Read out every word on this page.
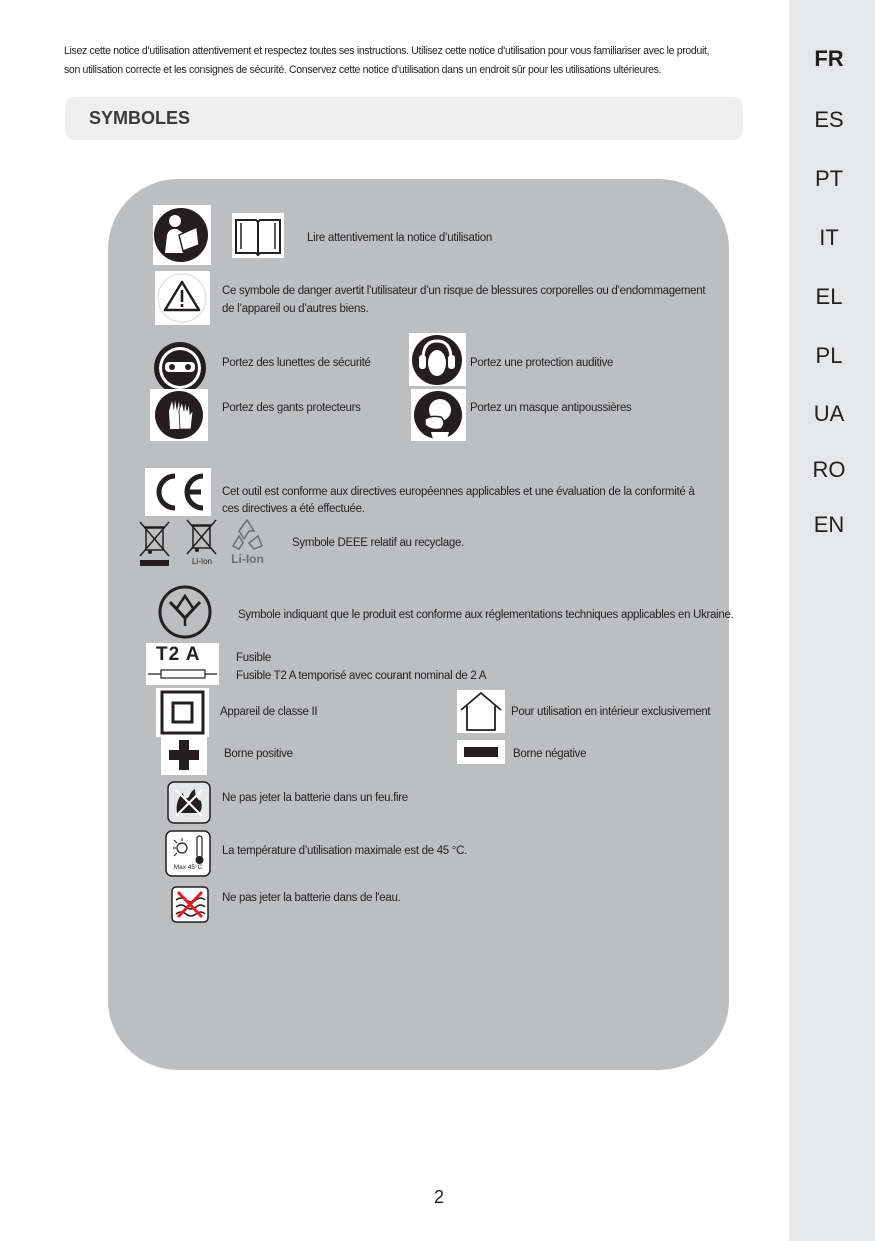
FR
ES
PT
IT
EL
PL
UA
RO
EN
Lisez cette notice d’utilisation attentivement et respectez toutes ses instructions. Utilisez cette notice d’utilisation pour vous familiariser avec le produit,
son utilisation correcte et les consignes de sécurité. Conservez cette notice d’utilisation dans un endroit sûr pour les utilisations ultérieures.
SYMBOLES
Lire attentivement la notice d’utilisation
Ce symbole de danger avertit l’utilisateur d’un risque de blessures corporelles ou d’endommagement
de l’appareil ou d’autres biens.
Portez des lunettes de sécurité	Portez une protection auditive
Portez des gants protecteurs	Portez un masque antipoussières
Cet outil est conforme aux directives européennes applicables et une évaluation de la conformité à
ces directives a été effectuée.
Li-Ion	Li-Ion
Symbole DEEE relatif au recyclage.
Symbole indiquant que le produit est conforme aux réglementations techniques applicables en Ukraine.
T2 A	Fusible
Fusible T2 A temporisé avec courant nominal de 2 A
Appareil de classe II	Pour utilisation en intérieur exclusivement
Borne positive	Borne négative
Ne pas jeter la batterie dans un feu.fire
Max 45°C
La température d’utilisation maximale est de 45 °C.
Ne pas jeter la batterie dans de l'eau.
2
